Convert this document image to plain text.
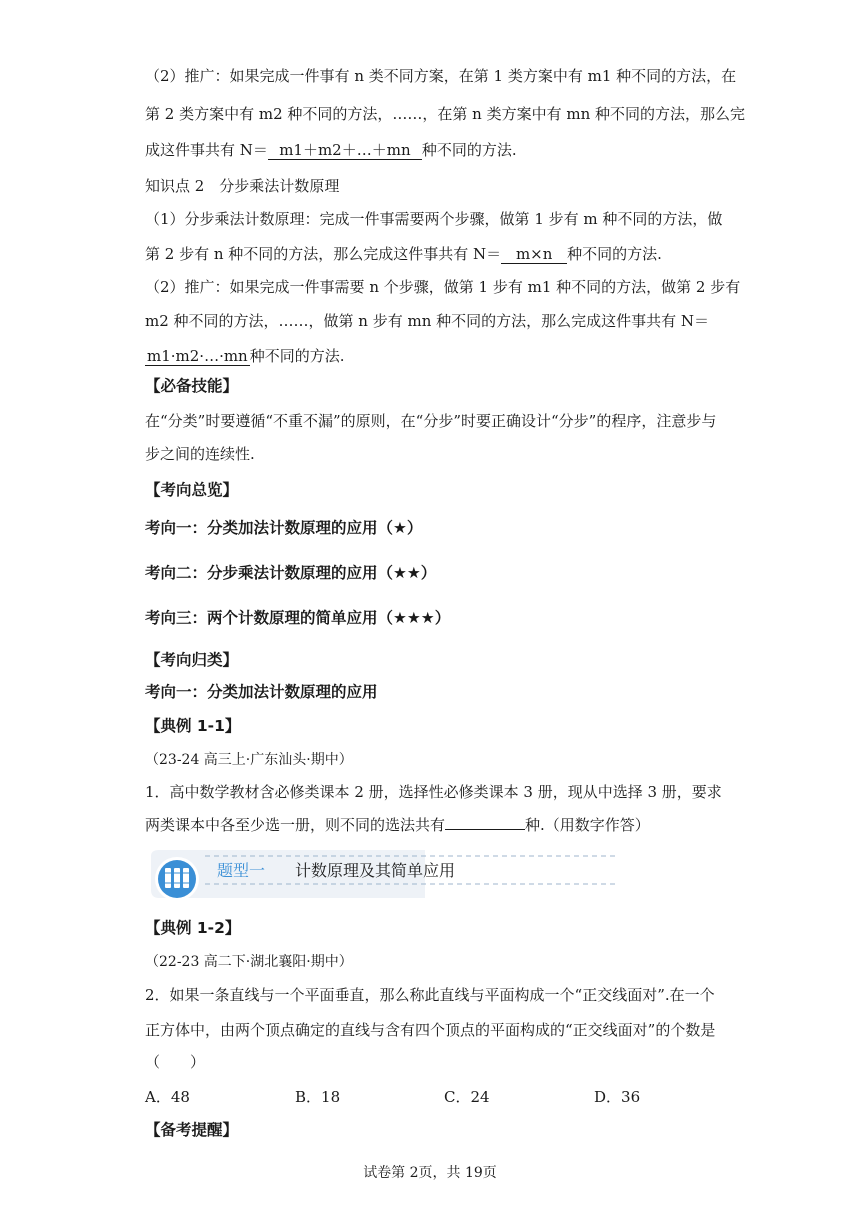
（2）推广：如果完成一件事有 n 类不同方案，在第 1 类方案中有 m1 种不同的方法，在
第 2 类方案中有 m2 种不同的方法，……，在第 n 类方案中有 mn 种不同的方法，那么完
成这件事共有 N＝ m1＋m2＋…＋mn 种不同的方法.
知识点 2　分步乘法计数原理
（1）分步乘法计数原理：完成一件事需要两个步骤，做第 1 步有 m 种不同的方法，做
第 2 步有 n 种不同的方法，那么完成这件事共有 N＝ m×n 种不同的方法.
（2）推广：如果完成一件事需要 n 个步骤，做第 1 步有 m1 种不同的方法，做第 2 步有
m2 种不同的方法，……，做第 n 步有 mn 种不同的方法，那么完成这件事共有 N＝
m1·m2·…·mn 种不同的方法.
【必备技能】
在“分类”时要遵循“不重不漏”的原则，在“分步”时要正确设计“分步”的程序，注意步与
步之间的连续性.
【考向总览】
考向一：分类加法计数原理的应用（★）
考向二：分步乘法计数原理的应用（★★）
考向三：两个计数原理的简单应用（★★★）
【考向归类】
考向一：分类加法计数原理的应用
【典例 1-1】
（23-24 高三上·广东汕头·期中）
1．高中数学教材含必修类课本 2 册，选择性必修类课本 3 册，现从中选择 3 册，要求
两类课本中各至少选一册，则不同的选法共有	种.（用数字作答）
题型一 计数原理及其简单应用
【典例 1-2】
（22-23 高二下·湖北襄阳·期中）
2．如果一条直线与一个平面垂直，那么称此直线与平面构成一个“正交线面对”.在一个
正方体中，由两个顶点确定的直线与含有四个顶点的平面构成的“正交线面对”的个数是
（　　）
A．48	B．18	C．24	D．36
【备考提醒】
试卷第 2页，共 19页
